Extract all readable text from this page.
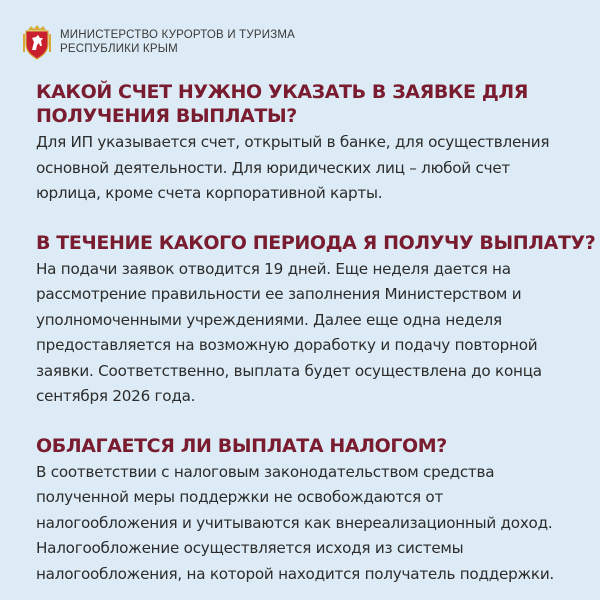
МИНИСТЕРСТВО КУРОРТОВ И ТУРИЗМА
РЕСПУБЛИКИ КРЫМ
КАКОЙ СЧЕТ НУЖНО УКАЗАТЬ В ЗАЯВКЕ ДЛЯ
ПОЛУЧЕНИЯ ВЫПЛАТЫ?
Для ИП указывается счет, открытый в банке, для осуществления
основной деятельности. Для юридических лиц – любой счет
юрлица, кроме счета корпоративной карты.
В ТЕЧЕНИЕ КАКОГО ПЕРИОДА Я ПОЛУЧУ ВЫПЛАТУ?
На подачи заявок отводится 19 дней. Еще неделя дается на
рассмотрение правильности ее заполнения Министерством и
уполномоченными учреждениями. Далее еще одна неделя
предоставляется на возможную доработку и подачу повторной
заявки. Соответственно, выплата будет осуществлена до конца
сентября 2026 года.
ОБЛАГАЕТСЯ ЛИ ВЫПЛАТА НАЛОГОМ?
В соответствии с налоговым законодательством средства
полученной меры поддержки не освобождаются от
налогообложения и учитываются как внереализационный доход.
Налогообложение осуществляется исходя из системы
налогообложения, на которой находится получатель поддержки.
